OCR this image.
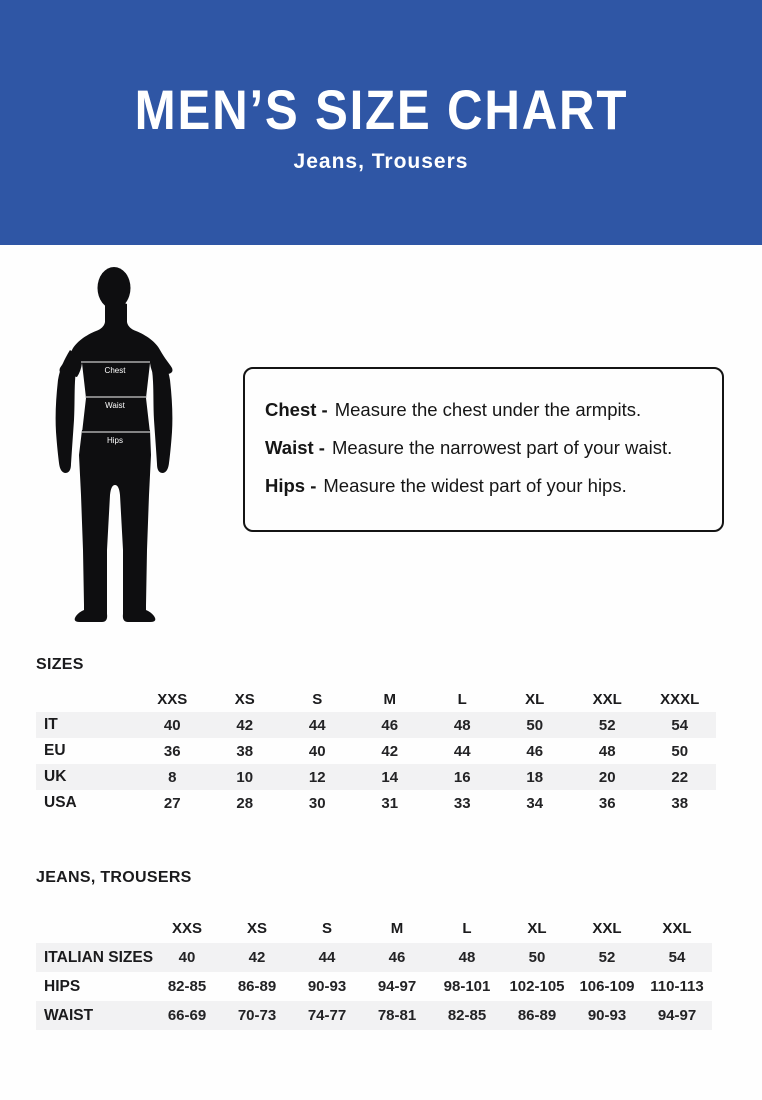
MEN’S SIZE CHART
Jeans, Trousers
Chest
Waist
Hips

Chest - Measure the chest under the armpits.

Waist - Measure the narrowest part of your waist.

Hips - Measure the widest part of your hips.

SIZES
	XXS	XS	S	M	L	XL	XXL	XXXL
IT	40	42	44	46	48	50	52	54
EU	36	38	40	42	44	46	48	50
UK	8	10	12	14	16	18	20	22
USA	27	28	30	31	33	34	36	38
JEANS, TROUSERS
	XXS	XS	S	M	L	XL	XXL	XXL
ITALIAN SIZES	40	42	44	46	48	50	52	54
HIPS	82-85	86-89	90-93	94-97	98-101	102-105	106-109	110-113
WAIST	66-69	70-73	74-77	78-81	82-85	86-89	90-93	94-97
